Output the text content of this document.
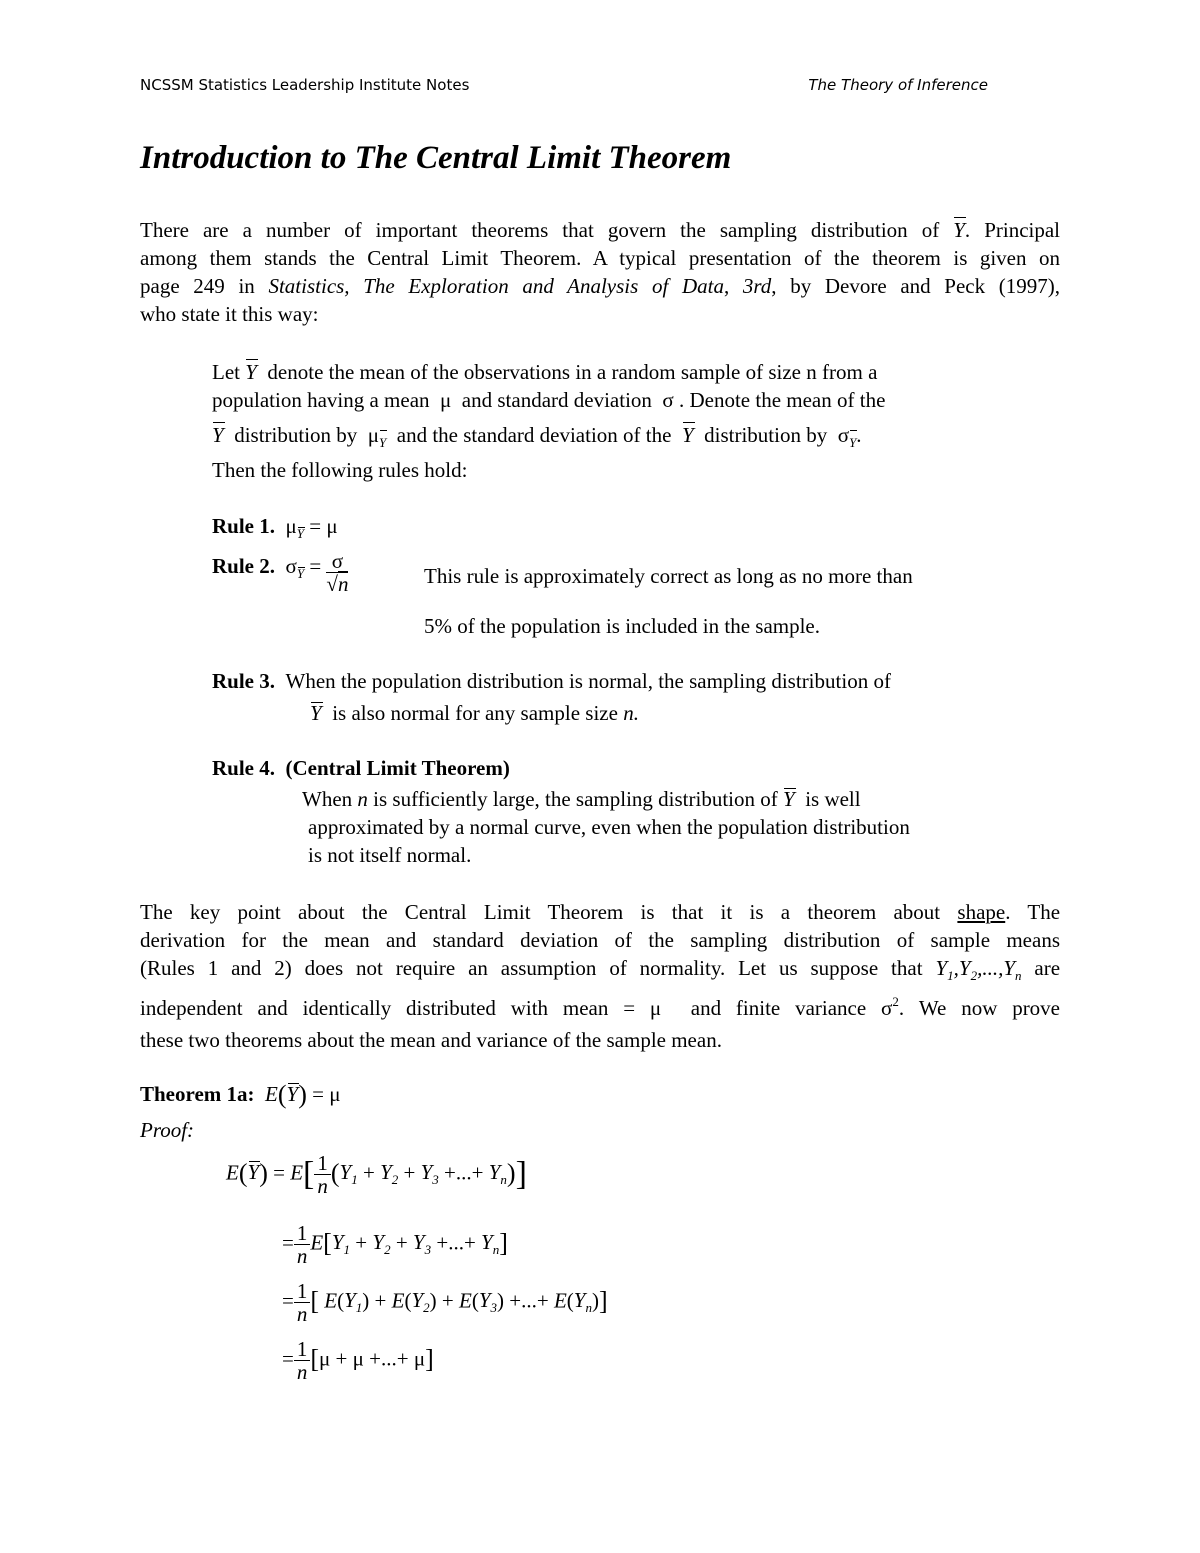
NCSSM Statistics Leadership Institute Notes	The Theory of Inference
Introduction to The Central Limit Theorem
There are a number of important theorems that govern the sampling distribution of Y. Principal
among them stands the Central Limit Theorem. A typical presentation of the theorem is given on
page 249 in Statistics, The Exploration and Analysis of Data, 3rd, by Devore and Peck (1997),
who state it this way:
Let Y denote the mean of the observations in a random sample of size n from a
population having a mean μ and standard deviation σ . Denote the mean of the
Y distribution by μY and the standard deviation of the Y distribution by σY.
Then the following rules hold:
Rule 1. μY = μ
Rule 2. $\sigma Y = \frac{\sigma}{√n}$	This rule is approximately correct as long as no more than
5% of the population is included in the sample.
Rule 3. When the population distribution is normal, the sampling distribution of
Y is also normal for any sample size n.
Rule 4. (Central Limit Theorem)
When n is sufficiently large, the sampling distribution of Y is well
approximated by a normal curve, even when the population distribution
is not itself normal.
The key point about the Central Limit Theorem is that it is a theorem about shape. The
derivation for the mean and standard deviation of the sampling distribution of sample means
(Rules 1 and 2) does not require an assumption of normality. Let us suppose that $Y_1,Y_2,...,Y_n$ are
independent and identically distributed with mean = μ and finite variance $\sigma^2$. We now prove
these two theorems about the mean and variance of the sample mean.
Theorem 1a: E(Y) = μ
Proof:
$E(Y) = E[ \frac{1}{n} (Y_1 + Y_2 + Y_3$ +...+ $Y_n$)]
= $\frac{1}{n} E[Y_1 + Y_2 + Y_3$ +...+ $Y_n$]
= $\frac{1}{n}$ [ $E(Y_1) + E(Y_2) + E(Y_3)$ +...+ $E(Y_n)$]
= $\frac{1}{n} [\mu + \mu$ +...+ μ]
